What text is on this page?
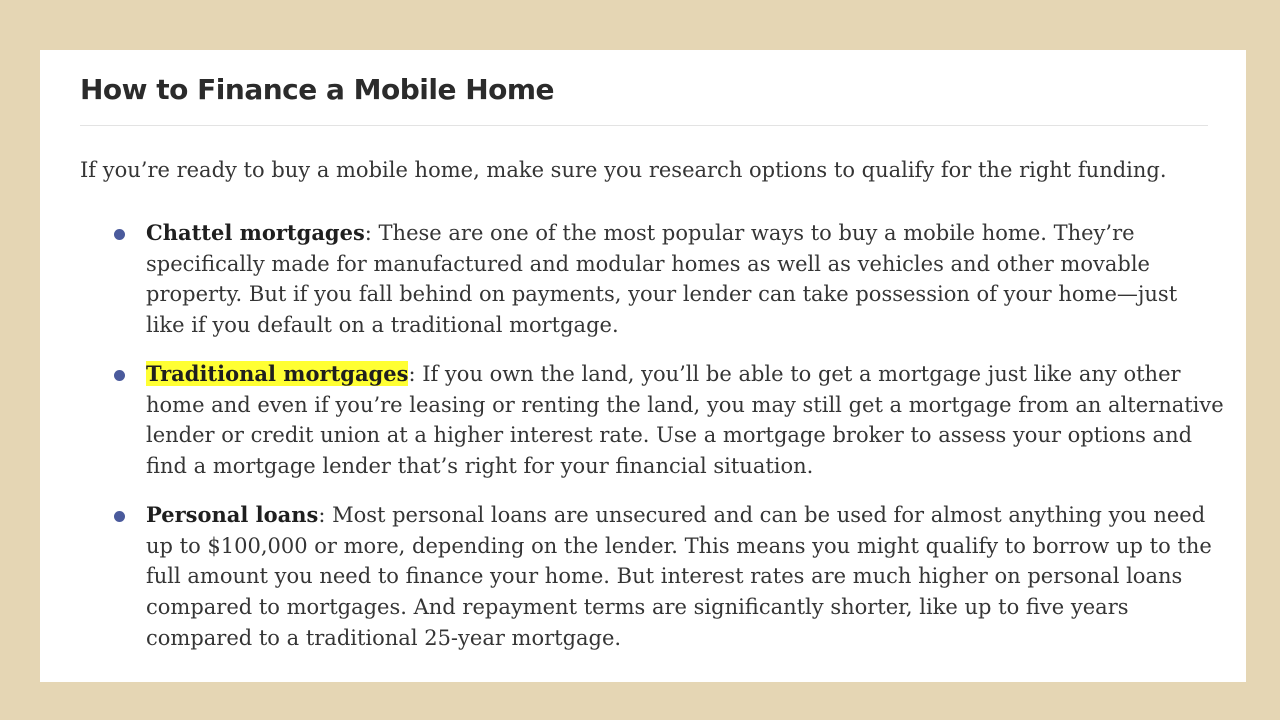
How to Finance a Mobile Home

If you’re ready to buy a mobile home, make sure you research options to qualify for the right funding.

Chattel mortgages: These are one of the most popular ways to buy a mobile home. They’re
specifically made for manufactured and modular homes as well as vehicles and other movable
property. But if you fall behind on payments, your lender can take possession of your home—just
like if you default on a traditional mortgage.
Traditional mortgages: If you own the land, you’ll be able to get a mortgage just like any other
home and even if you’re leasing or renting the land, you may still get a mortgage from an alternative
lender or credit union at a higher interest rate. Use a mortgage broker to assess your options and
find a mortgage lender that’s right for your financial situation.
Personal loans: Most personal loans are unsecured and can be used for almost anything you need
up to $100,000 or more, depending on the lender. This means you might qualify to borrow up to the
full amount you need to finance your home. But interest rates are much higher on personal loans
compared to mortgages. And repayment terms are significantly shorter, like up to five years
compared to a traditional 25-year mortgage.
